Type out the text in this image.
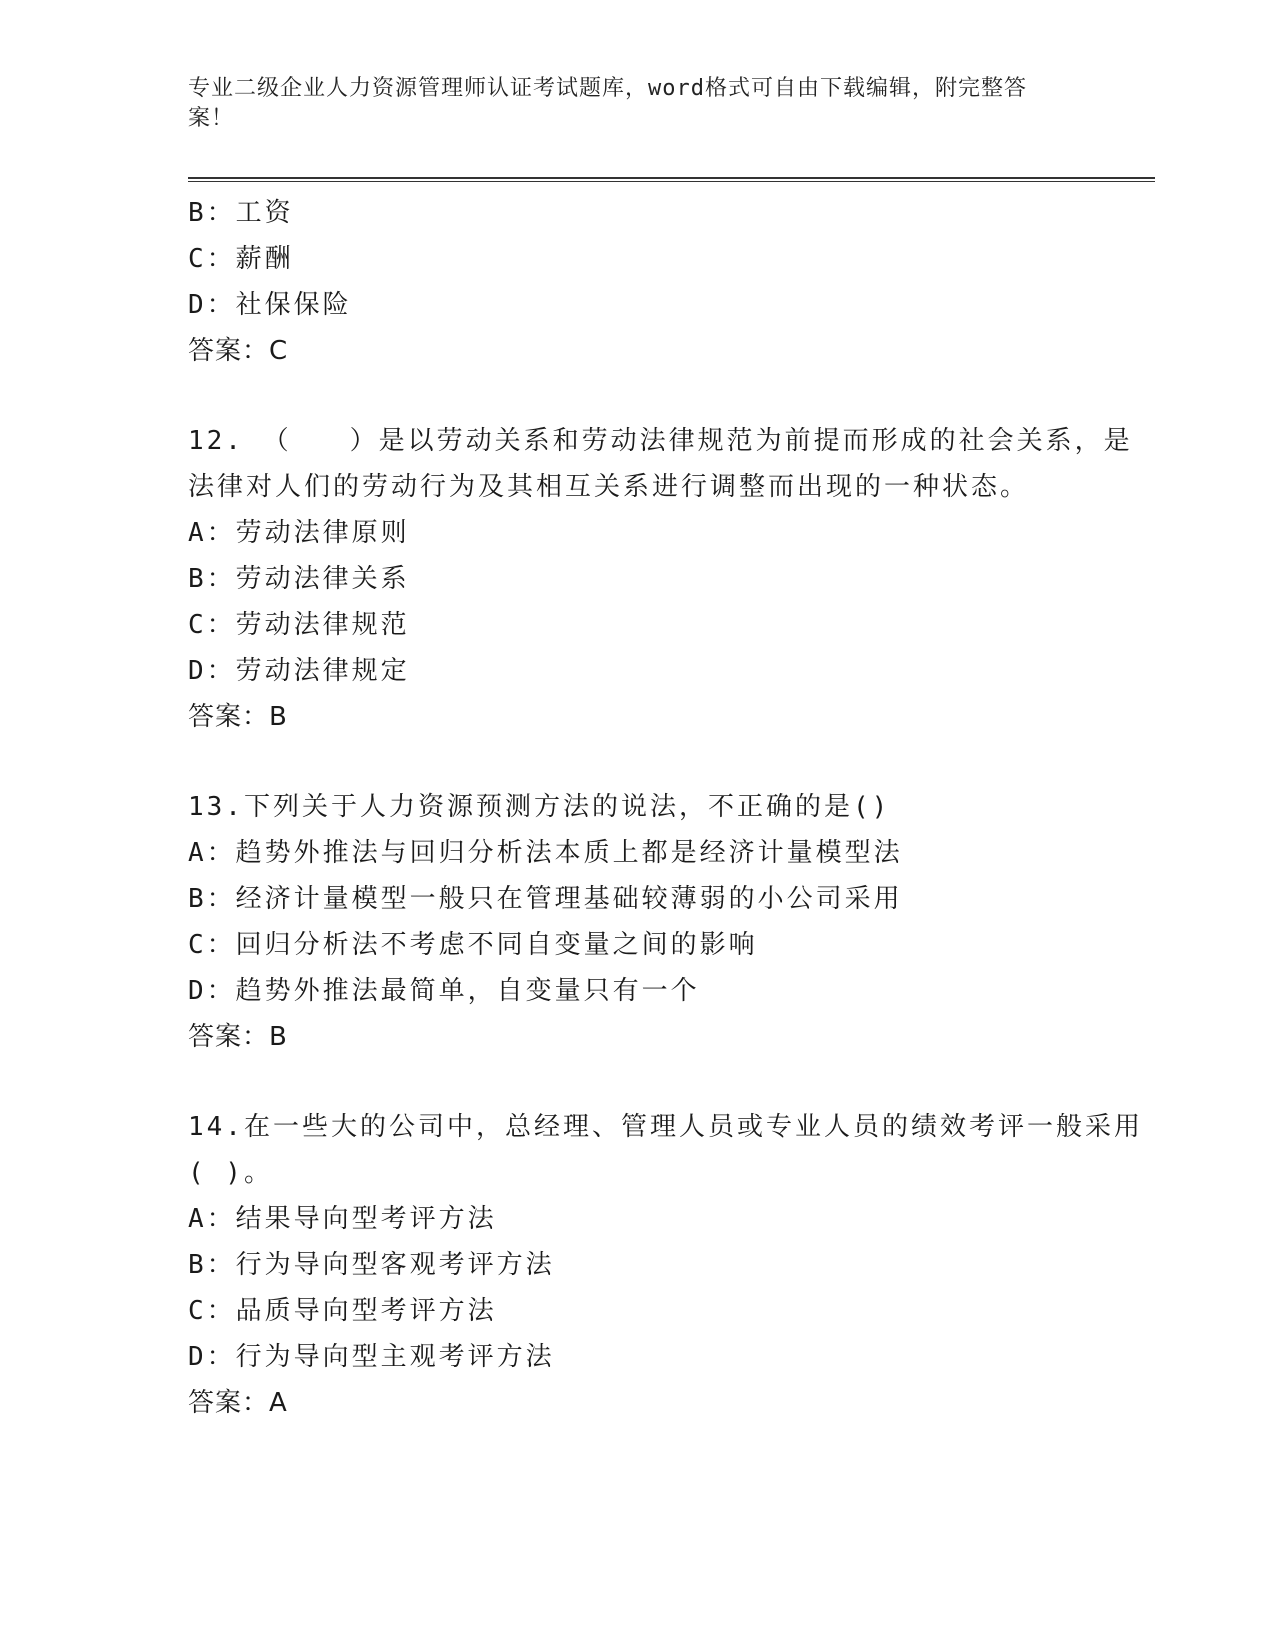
专业二级企业人力资源管理师认证考试题库，word格式可自由下载编辑，附完整答案！
B：工资
C：薪酬
D：社保保险
答案：C
12. （　　）是以劳动关系和劳动法律规范为前提而形成的社会关系，是法律对人们的劳动行为及其相互关系进行调整而出现的一种状态。
A：劳动法律原则
B：劳动法律关系
C：劳动法律规范
D：劳动法律规定
答案：B
13.下列关于人力资源预测方法的说法，不正确的是()
A：趋势外推法与回归分析法本质上都是经济计量模型法
B：经济计量模型一般只在管理基础较薄弱的小公司采用
C：回归分析法不考虑不同自变量之间的影响
D：趋势外推法最简单，自变量只有一个
答案：B
14.在一些大的公司中，总经理、管理人员或专业人员的绩效考评一般采用( )。
A：结果导向型考评方法
B：行为导向型客观考评方法
C：品质导向型考评方法
D：行为导向型主观考评方法
答案：A
